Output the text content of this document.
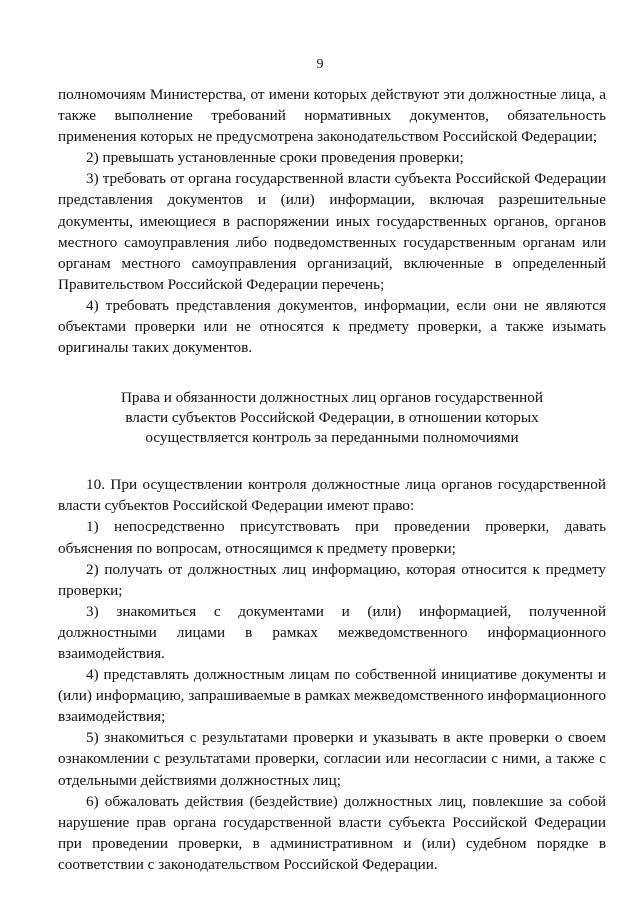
9

полномочиям Министерства, от имени которых действуют эти должностные лица, а также выполнение требований нормативных документов, обязательность применения которых не предусмотрена законодательством Российской Федерации;

2) превышать установленные сроки проведения проверки;

3) требовать от органа государственной власти субъекта Российской Федерации представления документов и (или) информации, включая разрешительные документы, имеющиеся в распоряжении иных государственных органов, органов местного самоуправления либо подведомственных государственным органам или органам местного самоуправления организаций, включенные в определенный Правительством Российской Федерации перечень;

4) требовать представления документов, информации, если они не являются объектами проверки или не относятся к предмету проверки, а также изымать оригиналы таких документов.

Права и обязанности должностных лиц органов государственной
власти субъектов Российской Федерации, в отношении которых
осуществляется контроль за переданными полномочиями

10. При осуществлении контроля должностные лица органов государственной власти субъектов Российской Федерации имеют право:

1) непосредственно присутствовать при проведении проверки, давать объяснения по вопросам, относящимся к предмету проверки;

2) получать от должностных лиц информацию, которая относится к предмету проверки;

3) знакомиться с документами и (или) информацией, полученной должностными лицами в рамках межведомственного информационного взаимодействия.

4) представлять должностным лицам по собственной инициативе документы и (или) информацию, запрашиваемые в рамках межведомственного информационного взаимодействия;

5) знакомиться с результатами проверки и указывать в акте проверки о своем ознакомлении с результатами проверки, согласии или несогласии с ними, а также с отдельными действиями должностных лиц;

6) обжаловать действия (бездействие) должностных лиц, повлекшие за собой нарушение прав органа государственной власти субъекта Российской Федерации при проведении проверки, в административном и (или) судебном порядке в соответствии с законодательством Российской Федерации.
